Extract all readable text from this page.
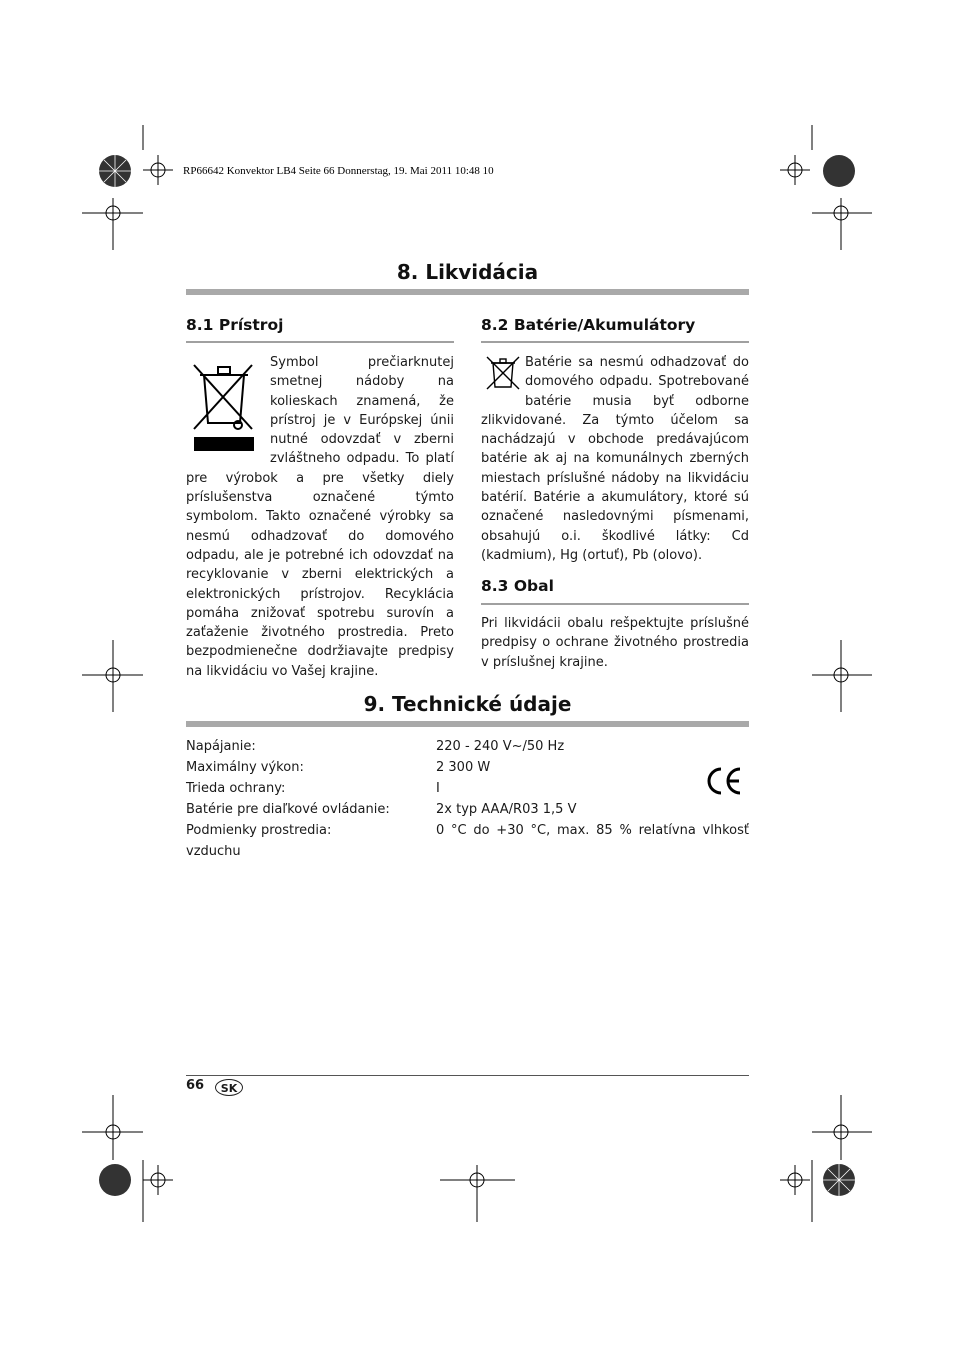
RP66642 Konvektor LB4 Seite 66 Donnerstag, 19. Mai 2011 10:48 10
8. Likvidácia
8.1 Prístroj
Symbol prečiarknutej smetnej nádoby na kolieskach znamená, že prístroj je v Európskej únii nutné odovzdať v zberni zvláštneho odpadu. To platí pre výrobok a pre všetky diely príslušenstva označené týmto symbolom. Takto označené výrobky sa nesmú odhadzovať do domového odpadu, ale je potrebné ich odovzdať na recyklovanie v zberni elektrických a elektronických prístrojov. Recyklácia pomáha znižovať spotrebu surovín a zaťaženie životného prostredia. Preto bezpodmienečne dodržiavajte predpisy na likvidáciu vo Vašej krajine.
8.2 Batérie/Akumulátory
Batérie sa nesmú odhadzovať do domového odpadu. Spotrebované batérie musia byť odborne zlikvidované. Za týmto účelom sa nachádzajú v obchode predávajúcom batérie ak aj na komunálnych zberných miestach príslušné nádoby na likvidáciu batérií. Batérie a akumulátory, ktoré sú označené nasledovnými písmenami, obsahujú o.i. škodlivé látky: Cd (kadmium), Hg (ortuť), Pb (olovo).
8.3 Obal
Pri likvidácii obalu rešpektujte príslušné predpisy o ochrane životného prostredia v príslušnej krajine.
9. Technické údaje
Napájanie:	220 - 240 V~/50 Hz
Maximálny výkon:	2 300 W
Trieda ochrany:	I
Batérie pre diaľkové ovládanie:	2x typ AAA/R03 1,5 V
Podmienky prostredia:	0 °C do +30 °C, max. 85 % relatívna vlhkosť
vzduchu	
66	SK
